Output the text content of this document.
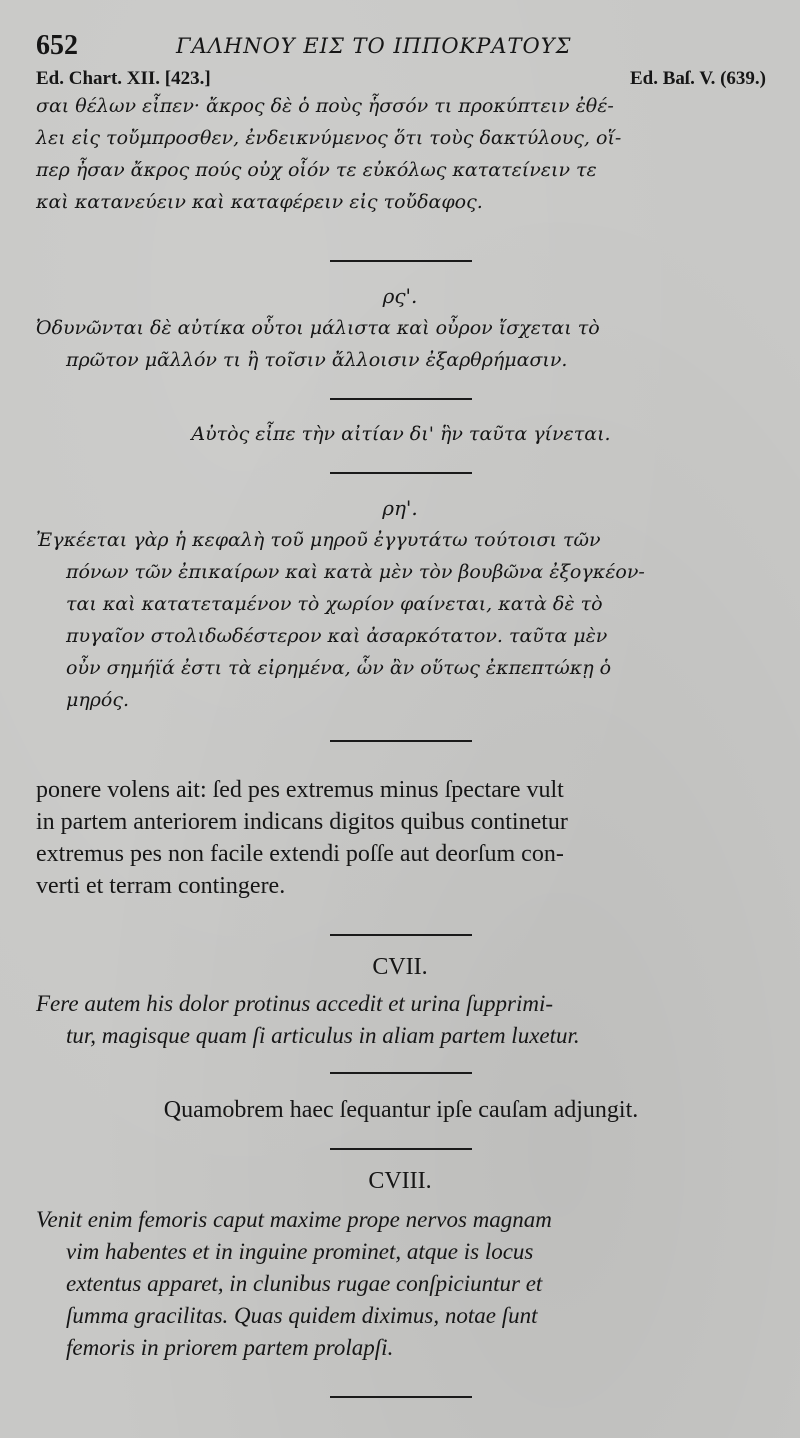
652	ΓΑΛΗΝΟΥ ΕΙΣ ΤΟ ΙΠΠΟΚΡΑΤΟΥΣ
Ed. Chart. XII. [423.]	Ed. Baſ. V. (639.)

σαι θέλων εἶπεν· ἄκρος δὲ ὁ ποὺς ἧσσόν τι προκύπτειν ἐθέ-

λει εἰς τοὔμπροσθεν, ἐνδεικνύμενος ὅτι τοὺς δακτύλους, οἵ-

περ ἦσαν ἄκρος πούς οὐχ οἷόν τε εὐκόλως κατατείνειν τε

καὶ κατανεύειν καὶ καταφέρειν εἰς τοὔδαφος.

ρς'.

Ὀδυνῶνται δὲ αὐτίκα οὗτοι μάλιστα καὶ οὖρον ἴσχεται τὸ

πρῶτον μᾶλλόν τι ἢ τοῖσιν ἄλλοισιν ἐξαρθρήμασιν.

Αὐτὸς εἶπε τὴν αἰτίαν δι' ἣν ταῦτα γίνεται.

ρη'.

Ἐγκέεται γὰρ ἡ κεφαλὴ τοῦ μηροῦ ἐγγυτάτω τούτοισι τῶν

πόνων τῶν ἐπικαίρων καὶ κατὰ μὲν τὸν βουβῶνα ἐξογκέον-

ται καὶ κατατεταμένον τὸ χωρίον φαίνεται, κατὰ δὲ τὸ

πυγαῖον στολιδωδέστερον καὶ ἀσαρκότατον. ταῦτα μὲν

οὖν σημήϊά ἐστι τὰ εἰρημένα, ὧν ἂν οὕτως ἐκπεπτώκῃ ὁ

μηρός.

ponere volens ait: ſed pes extremus minus ſpectare vult

in partem anteriorem indicans digitos quibus continetur

extremus pes non facile extendi poſſe aut deorſum con-

verti et terram contingere.

CVII.

Fere autem his dolor protinus accedit et urina ſupprimi-

tur, magisque quam ſi articulus in aliam partem luxetur.

Quamobrem haec ſequantur ipſe cauſam adjungit.

CVIII.

Venit enim femoris caput maxime prope nervos magnam

vim habentes et in inguine prominet, atque is locus

extentus apparet, in clunibus rugae conſpiciuntur et

ſumma gracilitas. Quas quidem diximus, notae ſunt

femoris in priorem partem prolapſi.
